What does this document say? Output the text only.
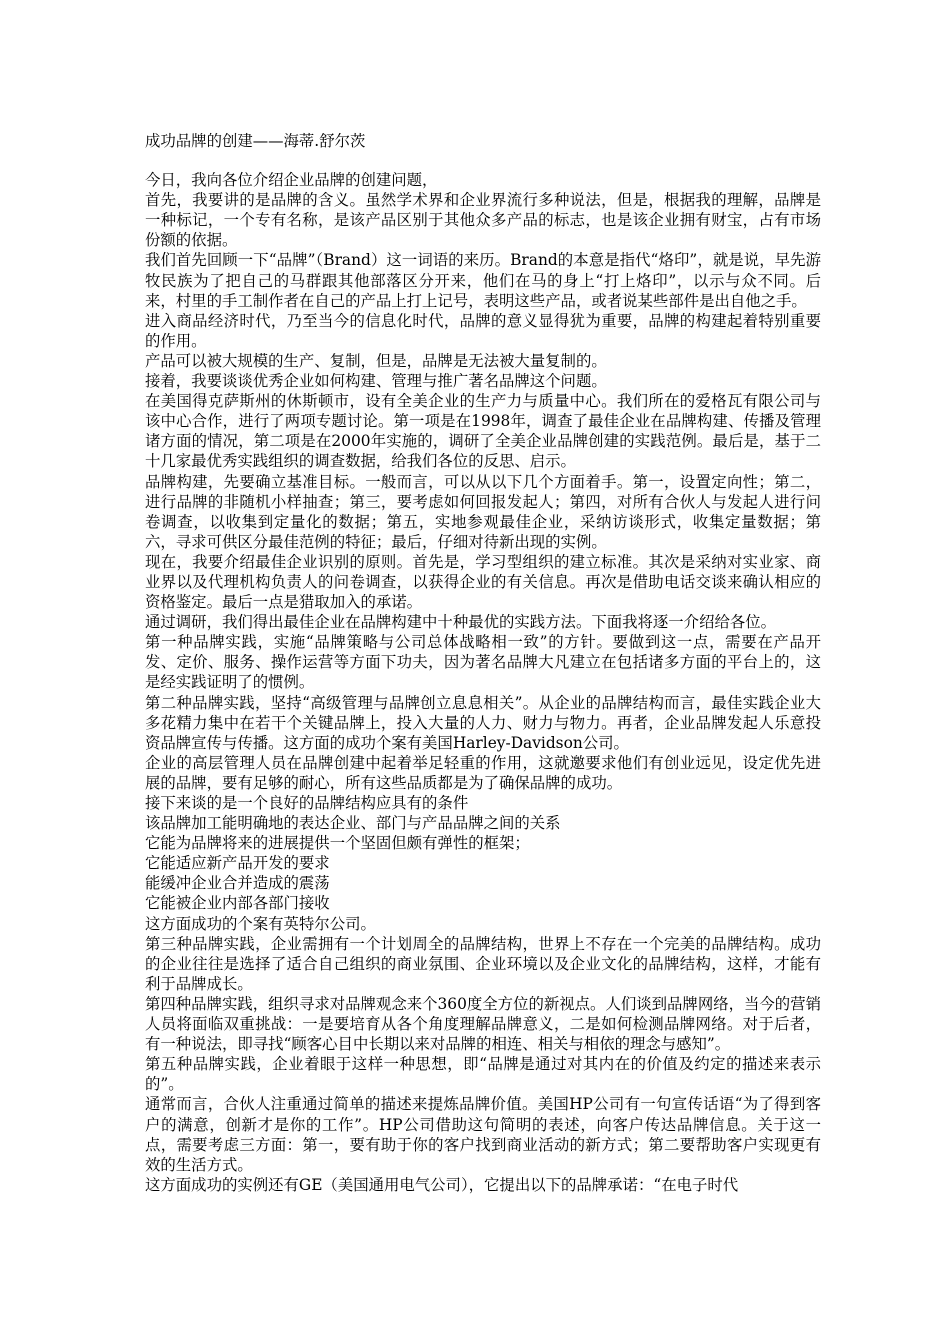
成功品牌的创建——海蒂.舒尔茨

今日，我向各位介绍企业品牌的创建问题，

首先，我要讲的是品牌的含义。虽然学术界和企业界流行多种说法，但是，根据我的理解，品牌是一种标记，一个专有名称，是该产品区别于其他众多产品的标志，也是该企业拥有财宝，占有市场份额的依据。

我们首先回顾一下“品牌”（Brand）这一词语的来历。Brand的本意是指代“烙印”，就是说，早先游牧民族为了把自己的马群跟其他部落区分开来，他们在马的身上“打上烙印”，以示与众不同。后来，村里的手工制作者在自己的产品上打上记号，表明这些产品，或者说某些部件是出自他之手。

进入商品经济时代，乃至当今的信息化时代，品牌的意义显得犹为重要，品牌的构建起着特别重要的作用。

产品可以被大规模的生产、复制，但是，品牌是无法被大量复制的。

接着，我要谈谈优秀企业如何构建、管理与推广著名品牌这个问题。

在美国得克萨斯州的休斯顿市，设有全美企业的生产力与质量中心。我们所在的爱格瓦有限公司与该中心合作，进行了两项专题讨论。第一项是在1998年，调查了最佳企业在品牌构建、传播及管理诸方面的情况，第二项是在2000年实施的，调研了全美企业品牌创建的实践范例。最后是，基于二十几家最优秀实践组织的调查数据，给我们各位的反思、启示。

品牌构建，先要确立基准目标。一般而言，可以从以下几个方面着手。第一，设置定向性；第二，进行品牌的非随机小样抽查；第三，要考虑如何回报发起人；第四，对所有合伙人与发起人进行问卷调查，以收集到定量化的数据；第五，实地参观最佳企业，采纳访谈形式，收集定量数据；第六，寻求可供区分最佳范例的特征；最后，仔细对待新出现的实例。

现在，我要介绍最佳企业识别的原则。首先是，学习型组织的建立标准。其次是采纳对实业家、商业界以及代理机构负责人的问卷调查，以获得企业的有关信息。再次是借助电话交谈来确认相应的资格鉴定。最后一点是猎取加入的承诺。

通过调研，我们得出最佳企业在品牌构建中十种最优的实践方法。下面我将逐一介绍给各位。

第一种品牌实践，实施“品牌策略与公司总体战略相一致”的方针。要做到这一点，需要在产品开发、定价、服务、操作运营等方面下功夫，因为著名品牌大凡建立在包括诸多方面的平台上的，这是经实践证明了的惯例。

第二种品牌实践，坚持“高级管理与品牌创立息息相关”。从企业的品牌结构而言，最佳实践企业大多花精力集中在若干个关键品牌上，投入大量的人力、财力与物力。再者，企业品牌发起人乐意投资品牌宣传与传播。这方面的成功个案有美国Harley-Davidson公司。

企业的高层管理人员在品牌创建中起着举足轻重的作用，这就邀要求他们有创业远见，设定优先进展的品牌，要有足够的耐心，所有这些品质都是为了确保品牌的成功。

接下来谈的是一个良好的品牌结构应具有的条件

该品牌加工能明确地的表达企业、部门与产品品牌之间的关系

它能为品牌将来的进展提供一个坚固但颇有弹性的框架；

它能适应新产品开发的要求

能缓冲企业合并造成的震荡

它能被企业内部各部门接收

这方面成功的个案有英特尔公司。

第三种品牌实践，企业需拥有一个计划周全的品牌结构，世界上不存在一个完美的品牌结构。成功的企业往往是选择了适合自己组织的商业氛围、企业环境以及企业文化的品牌结构，这样，才能有利于品牌成长。

第四种品牌实践，组织寻求对品牌观念来个360度全方位的新视点。人们谈到品牌网络，当今的营销人员将面临双重挑战：一是要培育从各个角度理解品牌意义，二是如何检测品牌网络。对于后者，有一种说法，即寻找“顾客心目中长期以来对品牌的相连、相关与相依的理念与感知”。

第五种品牌实践，企业着眼于这样一种思想，即“品牌是通过对其内在的价值及约定的描述来表示的”。

通常而言，合伙人注重通过简单的描述来提炼品牌价值。美国HP公司有一句宣传话语“为了得到客户的满意，创新才是你的工作”。HP公司借助这句简明的表述，向客户传达品牌信息。关于这一点，需要考虑三方面：第一，要有助于你的客户找到商业活动的新方式；第二要帮助客户实现更有效的生活方式。

这方面成功的实例还有GE（美国通用电气公司），它提出以下的品牌承诺：“在电子时代
